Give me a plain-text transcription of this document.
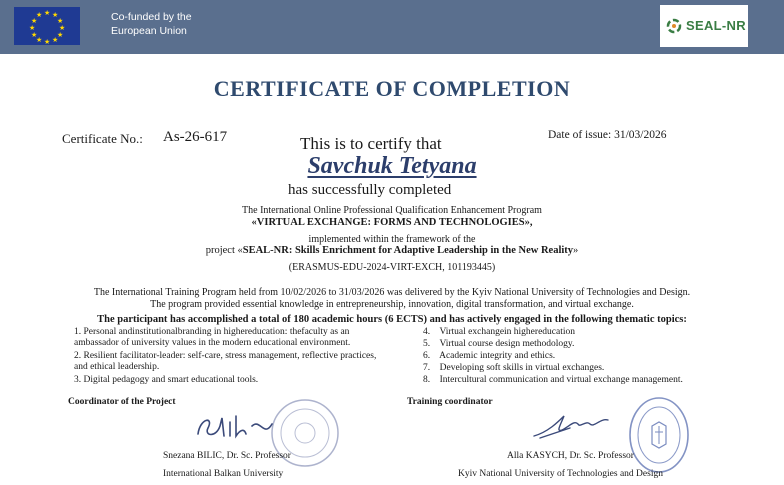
★ ★
★
★
★
★
★
★
★
★
★
★	Co-funded by the
European Union	SEAL-NR
CERTIFICATE OF COMPLETION
Certificate No.: As-26-617	This is to certify that	Date of issue: 31/03/2026
Savchuk Tetyana
has successfully completed
The International Online Professional Qualification Enhancement Program
«VIRTUAL EXCHANGE: FORMS AND TECHNOLOGIES»,
implemented within the framework of the
project «SEAL-NR: Skills Enrichment for Adaptive Leadership in the New Reality»
(ERASMUS-EDU-2024-VIRT-EXCH, 101193445)
The International Training Program held from 10/02/2026 to 31/03/2026 was delivered by the Kyiv National University of Technologies and Design.
The program provided essential knowledge in entrepreneurship, innovation, digital transformation, and virtual exchange.
The participant has accomplished a total of 180 academic hours (6 ECTS) and has actively engaged in the following thematic topics:
1. Personal andinstitutionalbranding in highereducation: thefaculty as an ambassador of university values in the modern educational environment.
2. Resilient facilitator-leader: self-care, stress management, reflective practices, and ethical leadership.
3. Digital pedagogy and smart educational tools.
4.    Virtual exchangein highereducation
5.    Virtual course design methodology.
6.    Academic integrity and ethics.
7.    Developing soft skills in virtual exchanges.
8.    Intercultural communication and virtual exchange management.
Coordinator of the Project	Training coordinator
Snezana BILIC, Dr. Sc. Professor
International Balkan University
Alla KASYCH, Dr. Sc. Professor
Kyiv National University of Technologies and Design
